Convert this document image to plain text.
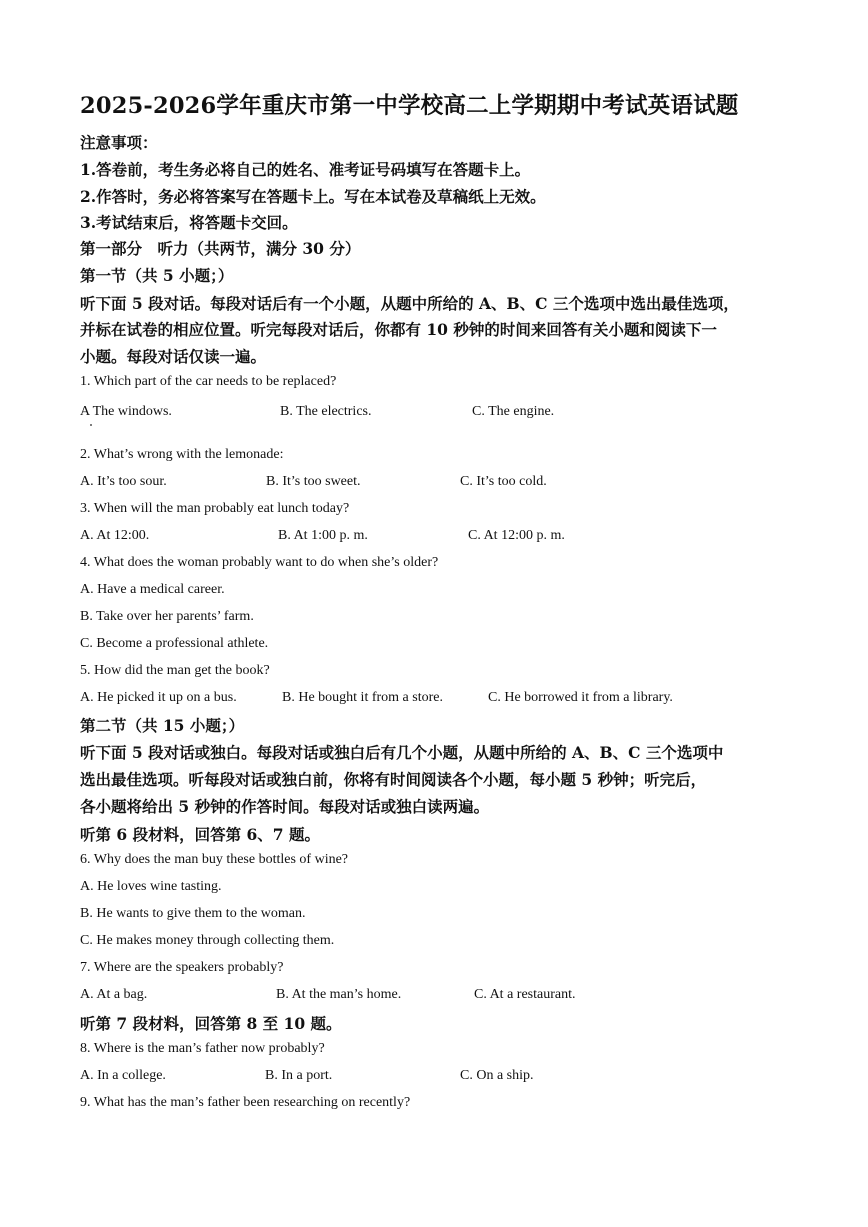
2025-2026学年重庆市第一中学校高二上学期期中考试英语试题
注意事项：
1.答卷前，考生务必将自己的姓名、准考证号码填写在答题卡上。
2.作答时，务必将答案写在答题卡上。写在本试卷及草稿纸上无效。
3.考试结束后，将答题卡交回。
第一部分　听力（共两节，满分 30 分）
第一节（共 5 小题；）
听下面 5 段对话。每段对话后有一个小题，从题中所给的 A、B、C 三个选项中选出最佳选项，
并标在试卷的相应位置。听完每段对话后，你都有 10 秒钟的时间来回答有关小题和阅读下一
小题。每段对话仅读一遍。
1. Which part of the car needs to be replaced?
A The windows.	B. The electrics.	C. The engine.
2. What’s wrong with the lemonade:
A. It’s too sour.	B. It’s too sweet.	C. It’s too cold.
3. When will the man probably eat lunch today?
A. At 12:00.	B. At 1:00 p. m.	C. At 12:00 p. m.
4. What does the woman probably want to do when she’s older?
A. Have a medical career.
B. Take over her parents’ farm.
C. Become a professional athlete.
5. How did the man get the book?
A. He picked it up on a bus.	B. He bought it from a store.	C. He borrowed it from a library.
第二节（共 15 小题；）
听下面 5 段对话或独白。每段对话或独白后有几个小题，从题中所给的 A、B、C 三个选项中
选出最佳选项。听每段对话或独白前，你将有时间阅读各个小题，每小题 5 秒钟；听完后，
各小题将给出 5 秒钟的作答时间。每段对话或独白读两遍。
听第 6 段材料，回答第 6、7 题。
6. Why does the man buy these bottles of wine?
A. He loves wine tasting.
B. He wants to give them to the woman.
C. He makes money through collecting them.
7. Where are the speakers probably?
A. At a bag.	B. At the man’s home.	C. At a restaurant.
听第 7 段材料，回答第 8 至 10 题。
8. Where is the man’s father now probably?
A. In a college.	B. In a port.	C. On a ship.
9. What has the man’s father been researching on recently?
